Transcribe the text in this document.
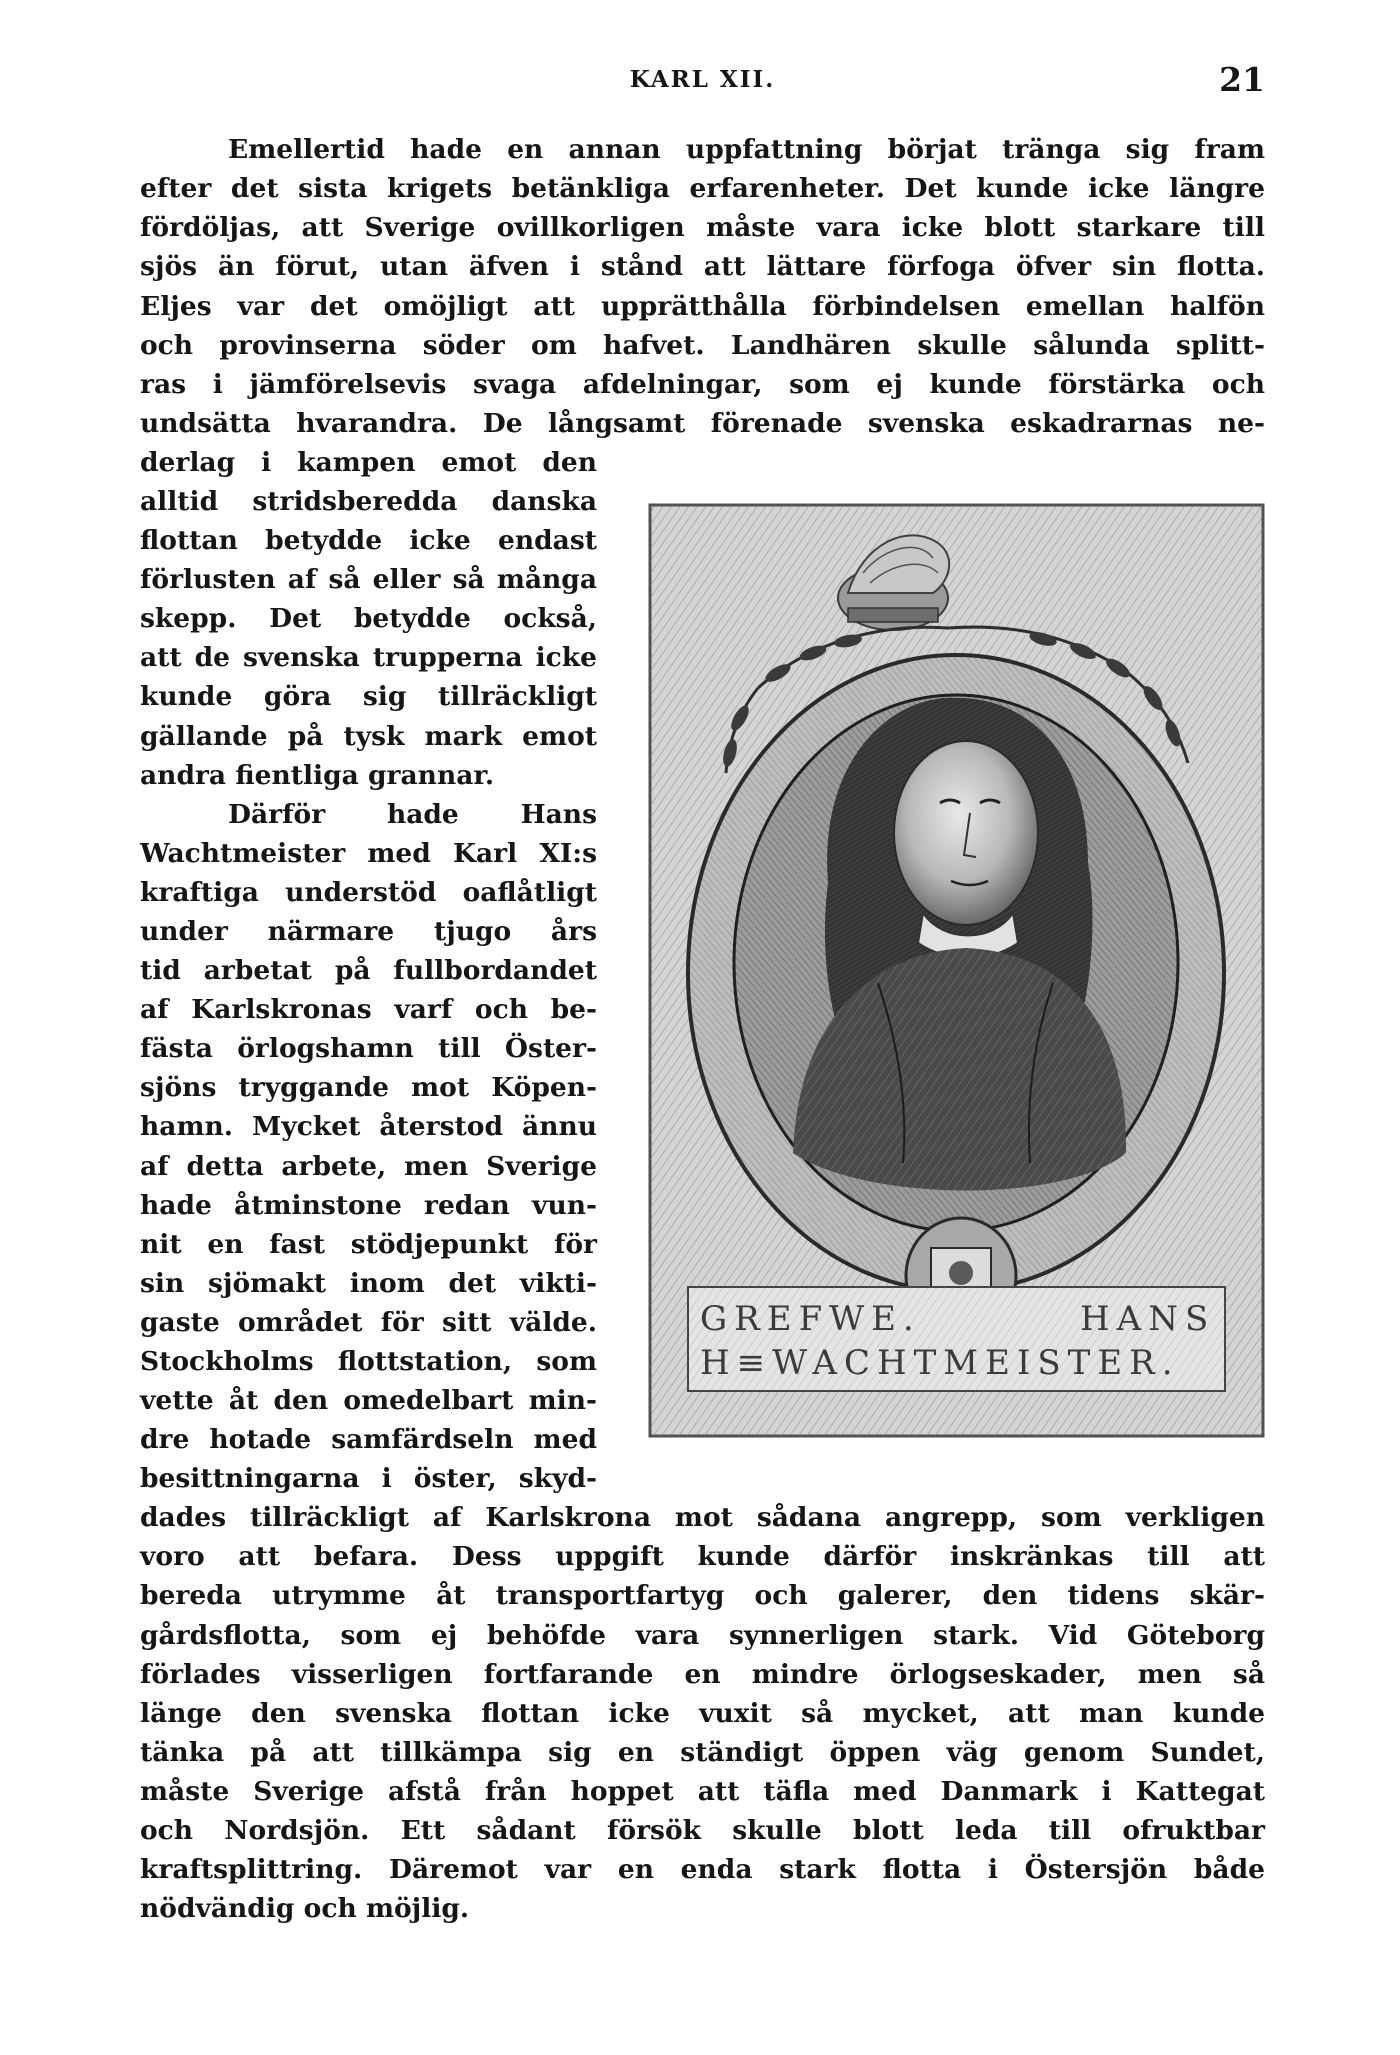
KARL XII.	21

Emellertid hade en annan uppfattning börjat tränga sig fram

efter det sista krigets betänkliga erfarenheter. Det kunde icke längre

fördöljas, att Sverige ovillkorligen måste vara icke blott starkare till

sjös än förut, utan äfven i stånd att lättare förfoga öfver sin flotta.

Eljes var det omöjligt att upprätthålla förbindelsen emellan halfön

och provinserna söder om hafvet. Landhären skulle sålunda splitt-

ras i jämförelsevis svaga afdelningar, som ej kunde förstärka och

undsätta hvarandra. De långsamt förenade svenska eskadrarnas ne-

derlag i kampen emot den

alltid stridsberedda danska

flottan betydde icke endast

förlusten af så eller så många

skepp. Det betydde också,

att de svenska trupperna icke

kunde göra sig tillräckligt

gällande på tysk mark emot

andra fientliga grannar.

Därför hade Hans

Wachtmeister med Karl XI:s

kraftiga understöd oaflåtligt

under närmare tjugo års

tid arbetat på fullbordandet

af Karlskronas varf och be-

fästa örlogshamn till Öster-

sjöns tryggande mot Köpen-

hamn. Mycket återstod ännu

af detta arbete, men Sverige

hade åtminstone redan vun-

nit en fast stödjepunkt för

sin sjömakt inom det vikti-

gaste området för sitt välde.

Stockholms flottstation, som

vette åt den omedelbart min-

dre hotade samfärdseln med

besittningarna i öster, skyd-

dades tillräckligt af Karlskrona mot sådana angrepp, som verkligen

voro att befara. Dess uppgift kunde därför inskränkas till att

bereda utrymme åt transportfartyg och galerer, den tidens skär-

gårdsflotta, som ej behöfde vara synnerligen stark. Vid Göteborg

förlades visserligen fortfarande en mindre örlogseskader, men så

länge den svenska flottan icke vuxit så mycket, att man kunde

tänka på att tillkämpa sig en ständigt öppen väg genom Sundet,

måste Sverige afstå från hoppet att täfla med Danmark i Kattegat

och Nordsjön. Ett sådant försök skulle blott leda till ofruktbar

kraftsplittring. Däremot var en enda stark flotta i Östersjön både

nödvändig och möjlig.

GREFWE.	HANS
H≡WACHTMEISTER.
